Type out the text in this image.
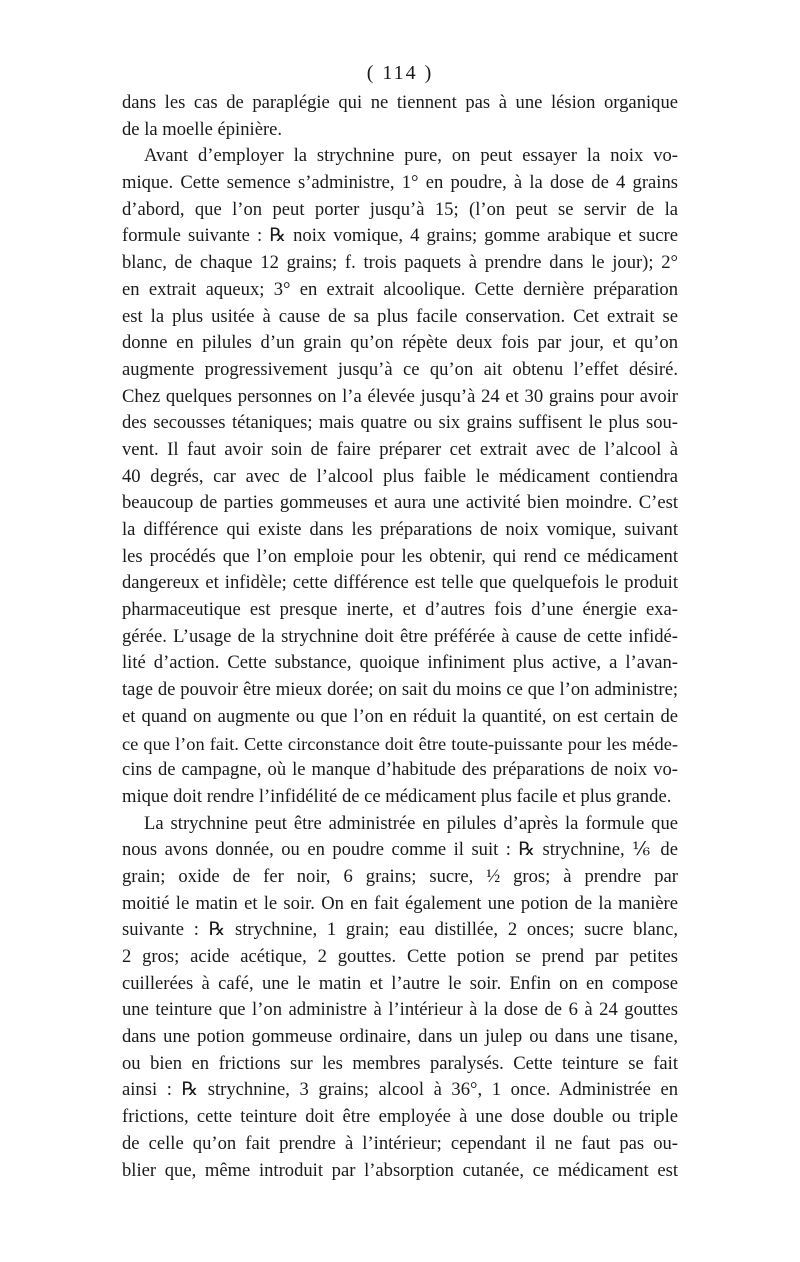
( 114 )
dans les cas de paraplégie qui ne tiennent pas à une lésion organique
de la moelle épinière.
Avant d’employer la strychnine pure, on peut essayer la noix vo-
mique. Cette semence s’administre, 1° en poudre, à la dose de 4 grains
d’abord, que l’on peut porter jusqu’à 15; (l’on peut se servir de la
formule suivante : ℞ noix vomique, 4 grains; gomme arabique et sucre
blanc, de chaque 12 grains; f. trois paquets à prendre dans le jour); 2°
en extrait aqueux; 3° en extrait alcoolique. Cette dernière préparation
est la plus usitée à cause de sa plus facile conservation. Cet extrait se
donne en pilules d’un grain qu’on répète deux fois par jour, et qu’on
augmente progressivement jusqu’à ce qu’on ait obtenu l’effet désiré.
Chez quelques personnes on l’a élevée jusqu’à 24 et 30 grains pour avoir
des secousses tétaniques; mais quatre ou six grains suffisent le plus sou-
vent. Il faut avoir soin de faire préparer cet extrait avec de l’alcool à
40 degrés, car avec de l’alcool plus faible le médicament contiendra
beaucoup de parties gommeuses et aura une activité bien moindre. C’est
la différence qui existe dans les préparations de noix vomique, suivant
les procédés que l’on emploie pour les obtenir, qui rend ce médicament
dangereux et infidèle; cette différence est telle que quelquefois le produit
pharmaceutique est presque inerte, et d’autres fois d’une énergie exa-
gérée. L’usage de la strychnine doit être préférée à cause de cette infidé-
lité d’action. Cette substance, quoique infiniment plus active, a l’avan-
tage de pouvoir être mieux dorée; on sait du moins ce que l’on administre;
et quand on augmente ou que l’on en réduit la quantité, on est certain de
ce que l’on fait. Cette circonstance doit être toute-puissante pour les méde-
cins de campagne, où le manque d’habitude des préparations de noix vo-
mique doit rendre l’infidélité de ce médicament plus facile et plus grande.
La strychnine peut être administrée en pilules d’après la formule que
nous avons donnée, ou en poudre comme il suit : ℞ strychnine, ⅙ de
grain; oxide de fer noir, 6 grains; sucre, ½ gros; à prendre par
moitié le matin et le soir. On en fait également une potion de la manière
suivante : ℞ strychnine, 1 grain; eau distillée, 2 onces; sucre blanc,
2 gros; acide acétique, 2 gouttes. Cette potion se prend par petites
cuillerées à café, une le matin et l’autre le soir. Enfin on en compose
une teinture que l’on administre à l’intérieur à la dose de 6 à 24 gouttes
dans une potion gommeuse ordinaire, dans un julep ou dans une tisane,
ou bien en frictions sur les membres paralysés. Cette teinture se fait
ainsi : ℞ strychnine, 3 grains; alcool à 36°, 1 once. Administrée en
frictions, cette teinture doit être employée à une dose double ou triple
de celle qu’on fait prendre à l’intérieur; cependant il ne faut pas ou-
blier que, même introduit par l’absorption cutanée, ce médicament est
